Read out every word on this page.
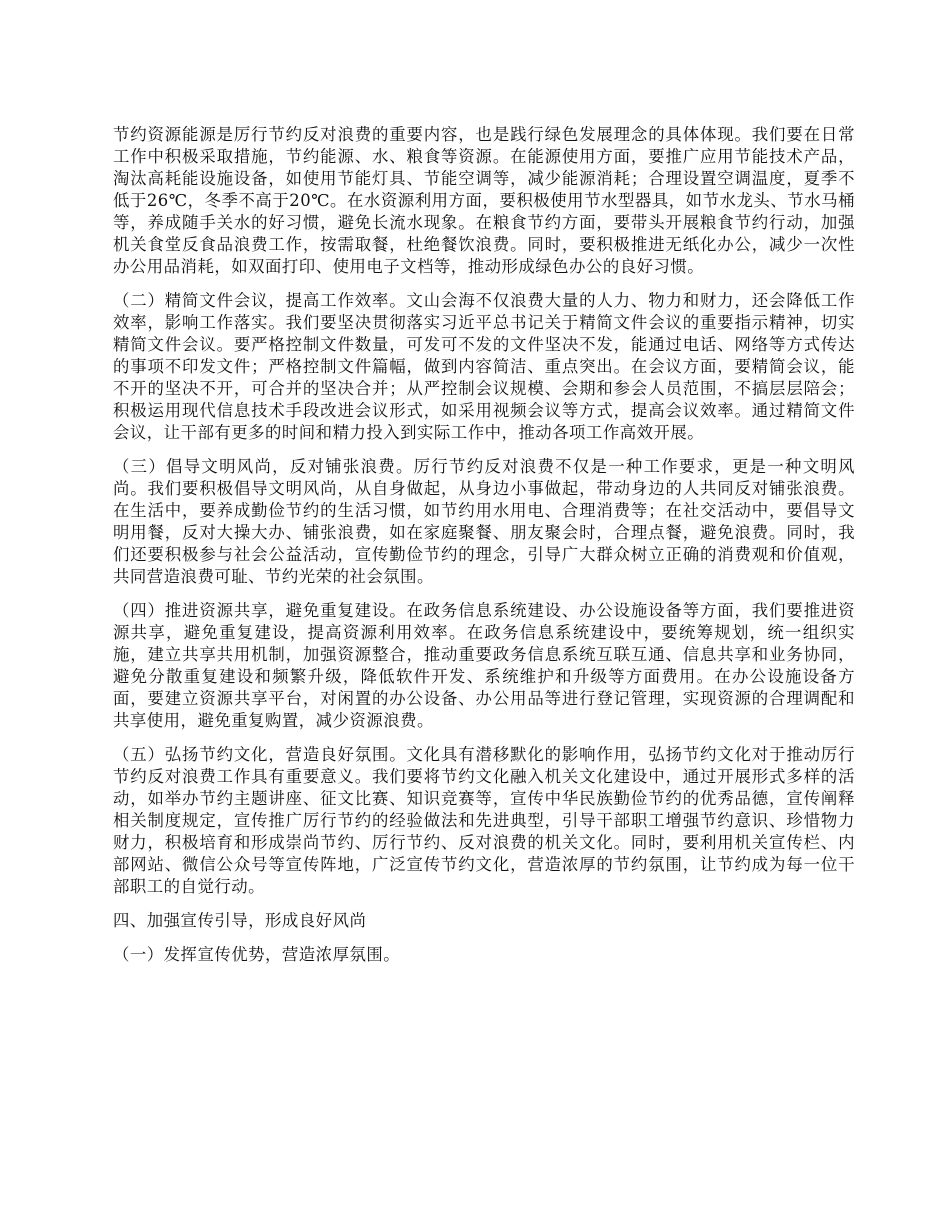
节约资源能源是厉行节约反对浪费的重要内容，也是践行绿色发展理念的具体体现。我们要在日常工作中积极采取措施，节约能源、水、粮食等资源。在能源使用方面，要推广应用节能技术产品，淘汰高耗能设施设备，如使用节能灯具、节能空调等，减少能源消耗；合理设置空调温度，夏季不低于26℃，冬季不高于20℃。在水资源利用方面，要积极使用节水型器具，如节水龙头、节水马桶等，养成随手关水的好习惯，避免长流水现象。在粮食节约方面，要带头开展粮食节约行动，加强机关食堂反食品浪费工作，按需取餐，杜绝餐饮浪费。同时，要积极推进无纸化办公，减少一次性办公用品消耗，如双面打印、使用电子文档等，推动形成绿色办公的良好习惯。

（二）精简文件会议，提高工作效率。文山会海不仅浪费大量的人力、物力和财力，还会降低工作效率，影响工作落实。我们要坚决贯彻落实习近平总书记关于精简文件会议的重要指示精神，切实精简文件会议。要严格控制文件数量，可发可不发的文件坚决不发，能通过电话、网络等方式传达的事项不印发文件；严格控制文件篇幅，做到内容简洁、重点突出。在会议方面，要精简会议，能不开的坚决不开，可合并的坚决合并；从严控制会议规模、会期和参会人员范围，不搞层层陪会；积极运用现代信息技术手段改进会议形式，如采用视频会议等方式，提高会议效率。通过精简文件会议，让干部有更多的时间和精力投入到实际工作中，推动各项工作高效开展。

（三）倡导文明风尚，反对铺张浪费。厉行节约反对浪费不仅是一种工作要求，更是一种文明风尚。我们要积极倡导文明风尚，从自身做起，从身边小事做起，带动身边的人共同反对铺张浪费。在生活中，要养成勤俭节约的生活习惯，如节约用水用电、合理消费等；在社交活动中，要倡导文明用餐，反对大操大办、铺张浪费，如在家庭聚餐、朋友聚会时，合理点餐，避免浪费。同时，我们还要积极参与社会公益活动，宣传勤俭节约的理念，引导广大群众树立正确的消费观和价值观，共同营造浪费可耻、节约光荣的社会氛围。

（四）推进资源共享，避免重复建设。在政务信息系统建设、办公设施设备等方面，我们要推进资源共享，避免重复建设，提高资源利用效率。在政务信息系统建设中，要统筹规划，统一组织实施，建立共享共用机制，加强资源整合，推动重要政务信息系统互联互通、信息共享和业务协同，避免分散重复建设和频繁升级，降低软件开发、系统维护和升级等方面费用。在办公设施设备方面，要建立资源共享平台，对闲置的办公设备、办公用品等进行登记管理，实现资源的合理调配和共享使用，避免重复购置，减少资源浪费。

（五）弘扬节约文化，营造良好氛围。文化具有潜移默化的影响作用，弘扬节约文化对于推动厉行节约反对浪费工作具有重要意义。我们要将节约文化融入机关文化建设中，通过开展形式多样的活动，如举办节约主题讲座、征文比赛、知识竞赛等，宣传中华民族勤俭节约的优秀品德，宣传阐释相关制度规定，宣传推广厉行节约的经验做法和先进典型，引导干部职工增强节约意识、珍惜物力财力，积极培育和形成崇尚节约、厉行节约、反对浪费的机关文化。同时，要利用机关宣传栏、内部网站、微信公众号等宣传阵地，广泛宣传节约文化，营造浓厚的节约氛围，让节约成为每一位干部职工的自觉行动。

四、加强宣传引导，形成良好风尚

（一）发挥宣传优势，营造浓厚氛围。
